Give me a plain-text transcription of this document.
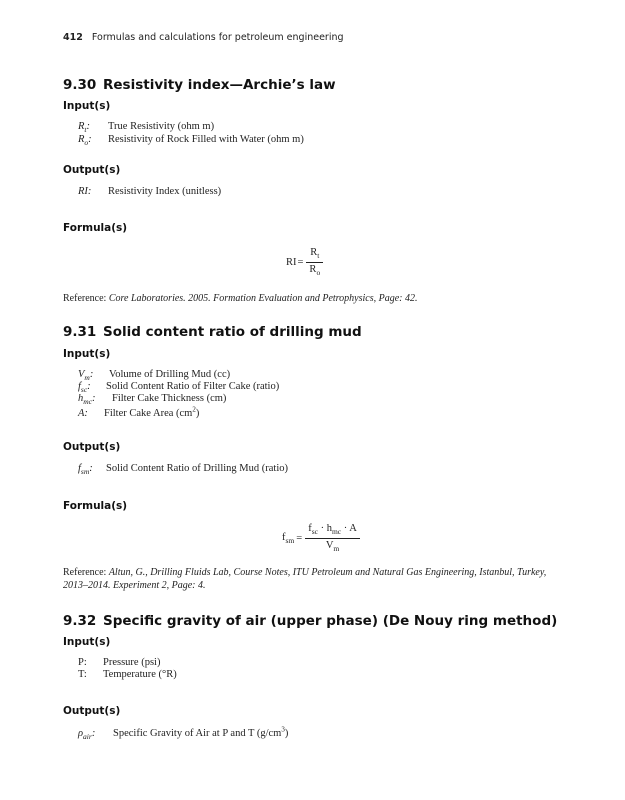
412 Formulas and calculations for petroleum engineering
9.30 Resistivity index—Archie’s law
Input(s)
$R_t$: True Resistivity (ohm m)
$R_o$: Resistivity of Rock Filled with Water (ohm m)
Output(s)
RI: Resistivity Index (unitless)
Formula(s)
RI = $\frac{R_t}{R_o}$
Reference: Core Laboratories. 2005. Formation Evaluation and Petrophysics, Page: 42.
9.31 Solid content ratio of drilling mud
Input(s)
$V_m$: Volume of Drilling Mud (cc)
$f_{sc}$: Solid Content Ratio of Filter Cake (ratio)
$h_{mc}$: Filter Cake Thickness (cm)
A: Filter Cake Area $(cm^2)$
Output(s)
$f_{sm}$: Solid Content Ratio of Drilling Mud (ratio)
Formula(s)
$f_{sm} = \frac{f_{sc} \cdot h_{mc} \cdot A}{V_m}$
Reference: Altun, G., Drilling Fluids Lab, Course Notes, ITU Petroleum and Natural Gas Engineering, Istanbul, Turkey,
2013–2014. Experiment 2, Page: 4.
9.32 Specific gravity of air (upper phase) (De Nouy ring method)
Input(s)
P: Pressure (psi)
T: Temperature (°R)
Output(s)
$\rho_{air}$: Specific Gravity of Air at P and T $(g/cm^3)$
